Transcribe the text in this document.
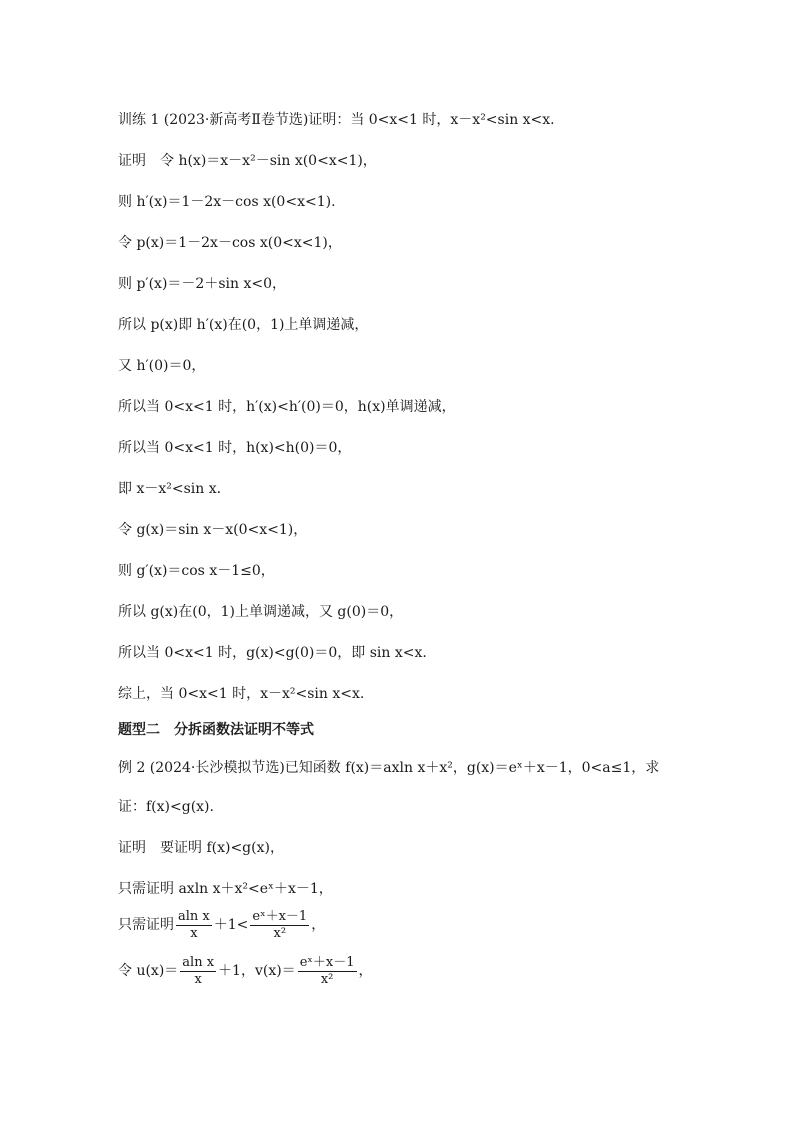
训练 1 (2023·新高考Ⅱ卷节选)证明：当 0<x<1 时，x－x²<sin x<x.
证明　令 h(x)＝x－x²－sin x(0<x<1)，
则 h′(x)＝1－2x－cos x(0<x<1).
令 p(x)＝1－2x－cos x(0<x<1)，
则 p′(x)＝－2＋sin x<0，
所以 p(x)即 h′(x)在(0，1)上单调递减，
又 h′(0)＝0，
所以当 0<x<1 时，h′(x)<h′(0)＝0，h(x)单调递减，
所以当 0<x<1 时，h(x)<h(0)＝0，
即 x－x²<sin x.
令 g(x)＝sin x－x(0<x<1)，
则 g′(x)＝cos x－1≤0，
所以 g(x)在(0，1)上单调递减，又 g(0)＝0，
所以当 0<x<1 时，g(x)<g(0)＝0，即 sin x<x.
综上，当 0<x<1 时，x－x²<sin x<x.
题型二　分拆函数法证明不等式
例 2 (2024·长沙模拟节选)已知函数 f(x)＝axln x＋x²，g(x)＝eˣ＋x－1，0<a≤1，求
证：f(x)<g(x).
证明　要证明 f(x)<g(x)，
只需证明 axln x＋x²<eˣ＋x－1，
只需证明 $\frac{\text{aln x}}{x} +1< \frac{\text{eˣ＋x－1}}{\text{x²}}$ ，
令 $u(x)= \frac{\text{aln x}}{x} +1$，$v(x)= \frac{\text{eˣ＋x－1}}{\text{x²}}$ ，
